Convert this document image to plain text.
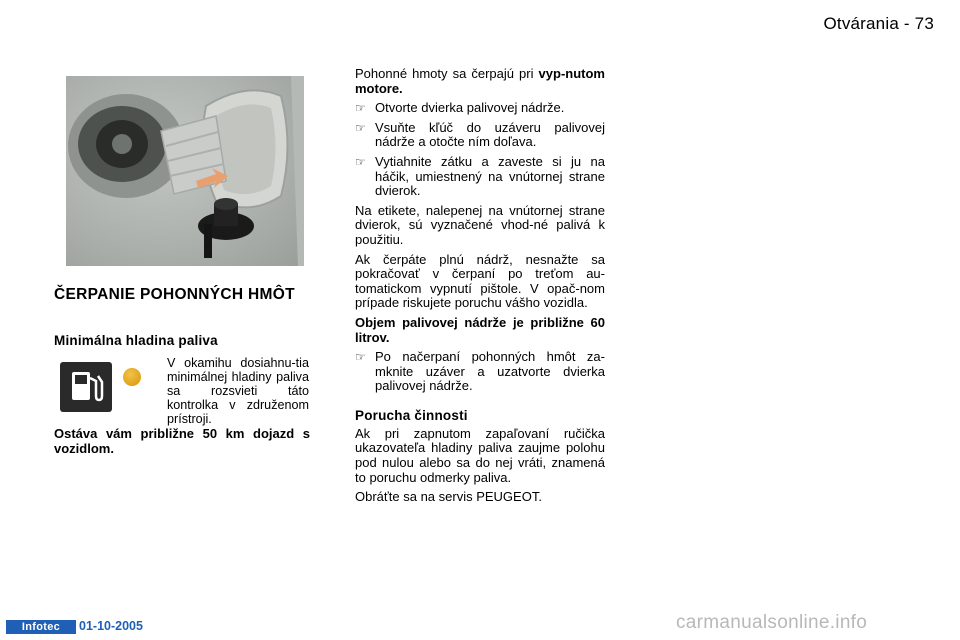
Otvárania - 73
ČERPANIE POHONNÝCH HMÔT
Minimálna hladina paliva
V okamihu dosiahnu-tia minimálnej hladiny paliva sa rozsvieti táto kontrolka v združenom prístroji.
Ostáva vám približne 50 km dojazd s vozidlom.

Pohonné hmoty sa čerpajú pri vyp-nutom motore.

☞ Otvorte dvierka palivovej nádrže.
☞ Vsuňte kľúč do uzáveru palivovej nádrže a otočte ním doľava.
☞ Vytiahnite zátku a zaveste si ju na háčik, umiestnený na vnútornej strane dvierok.

Na etikete, nalepenej na vnútornej strane dvierok, sú vyznačené vhod-né palivá k použitiu.

Ak čerpáte plnú nádrž, nesnažte sa pokračovať v čerpaní po treťom au-tomatickom vypnutí pištole. V opač-nom prípade riskujete poruchu vášho vozidla.

Objem palivovej nádrže je približne 60 litrov.

☞ Po načerpaní pohonných hmôt za-mknite uzáver a uzatvorte dvierka palivovej nádrže.
Porucha činnosti

Ak pri zapnutom zapaľovaní ručička ukazovateľa hladiny paliva zaujme polohu pod nulou alebo sa do nej vráti, znamená to poruchu odmerky paliva.

Obráťte sa na servis PEUGEOT.

Infotec	01-10-2005	carmanualsonline.info
